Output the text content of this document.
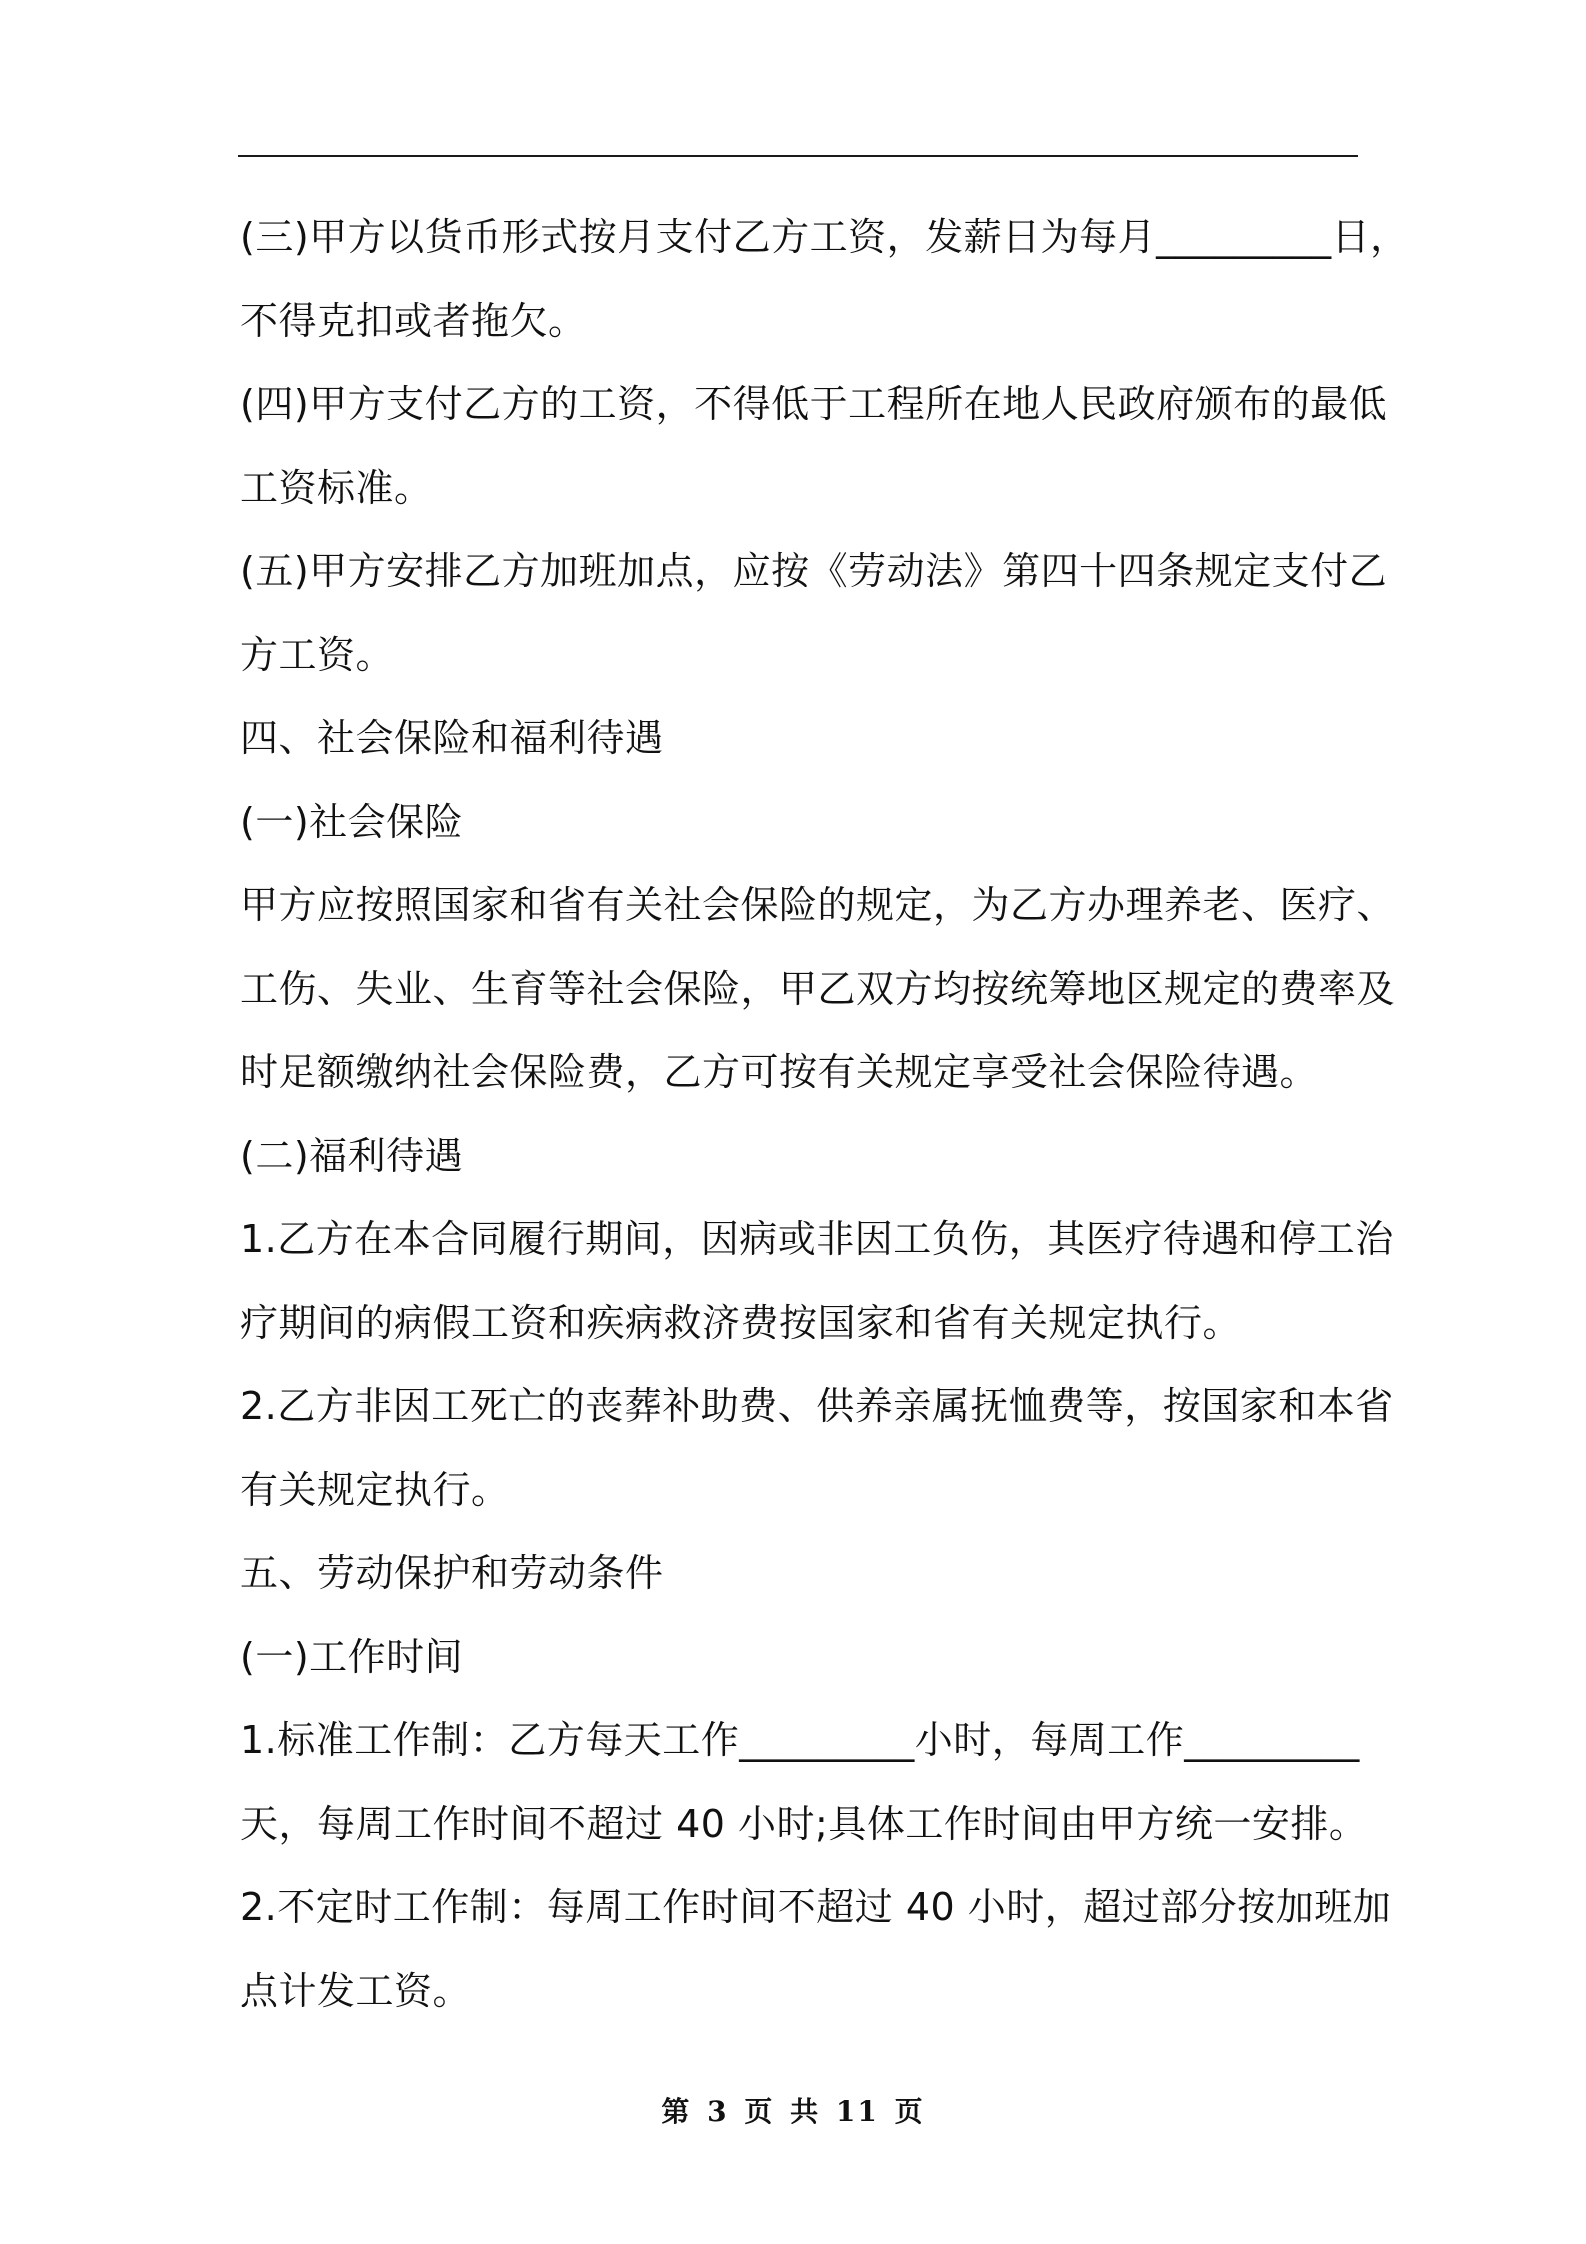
(三)甲方以货币形式按月支付乙方工资，发薪日为每月_________日，
不得克扣或者拖欠。
(四)甲方支付乙方的工资，不得低于工程所在地人民政府颁布的最低
工资标准。
(五)甲方安排乙方加班加点，应按《劳动法》第四十四条规定支付乙
方工资。
四、社会保险和福利待遇
(一)社会保险
甲方应按照国家和省有关社会保险的规定，为乙方办理养老、医疗、
工伤、失业、生育等社会保险，甲乙双方均按统筹地区规定的费率及
时足额缴纳社会保险费，乙方可按有关规定享受社会保险待遇。
(二)福利待遇
1.乙方在本合同履行期间，因病或非因工负伤，其医疗待遇和停工治
疗期间的病假工资和疾病救济费按国家和省有关规定执行。
2.乙方非因工死亡的丧葬补助费、供养亲属抚恤费等，按国家和本省
有关规定执行。
五、劳动保护和劳动条件
(一)工作时间
1.标准工作制：乙方每天工作_________小时，每周工作_________
天，每周工作时间不超过 40 小时;具体工作时间由甲方统一安排。
2.不定时工作制：每周工作时间不超过 40 小时，超过部分按加班加
点计发工资。
第 3 页 共 11 页
